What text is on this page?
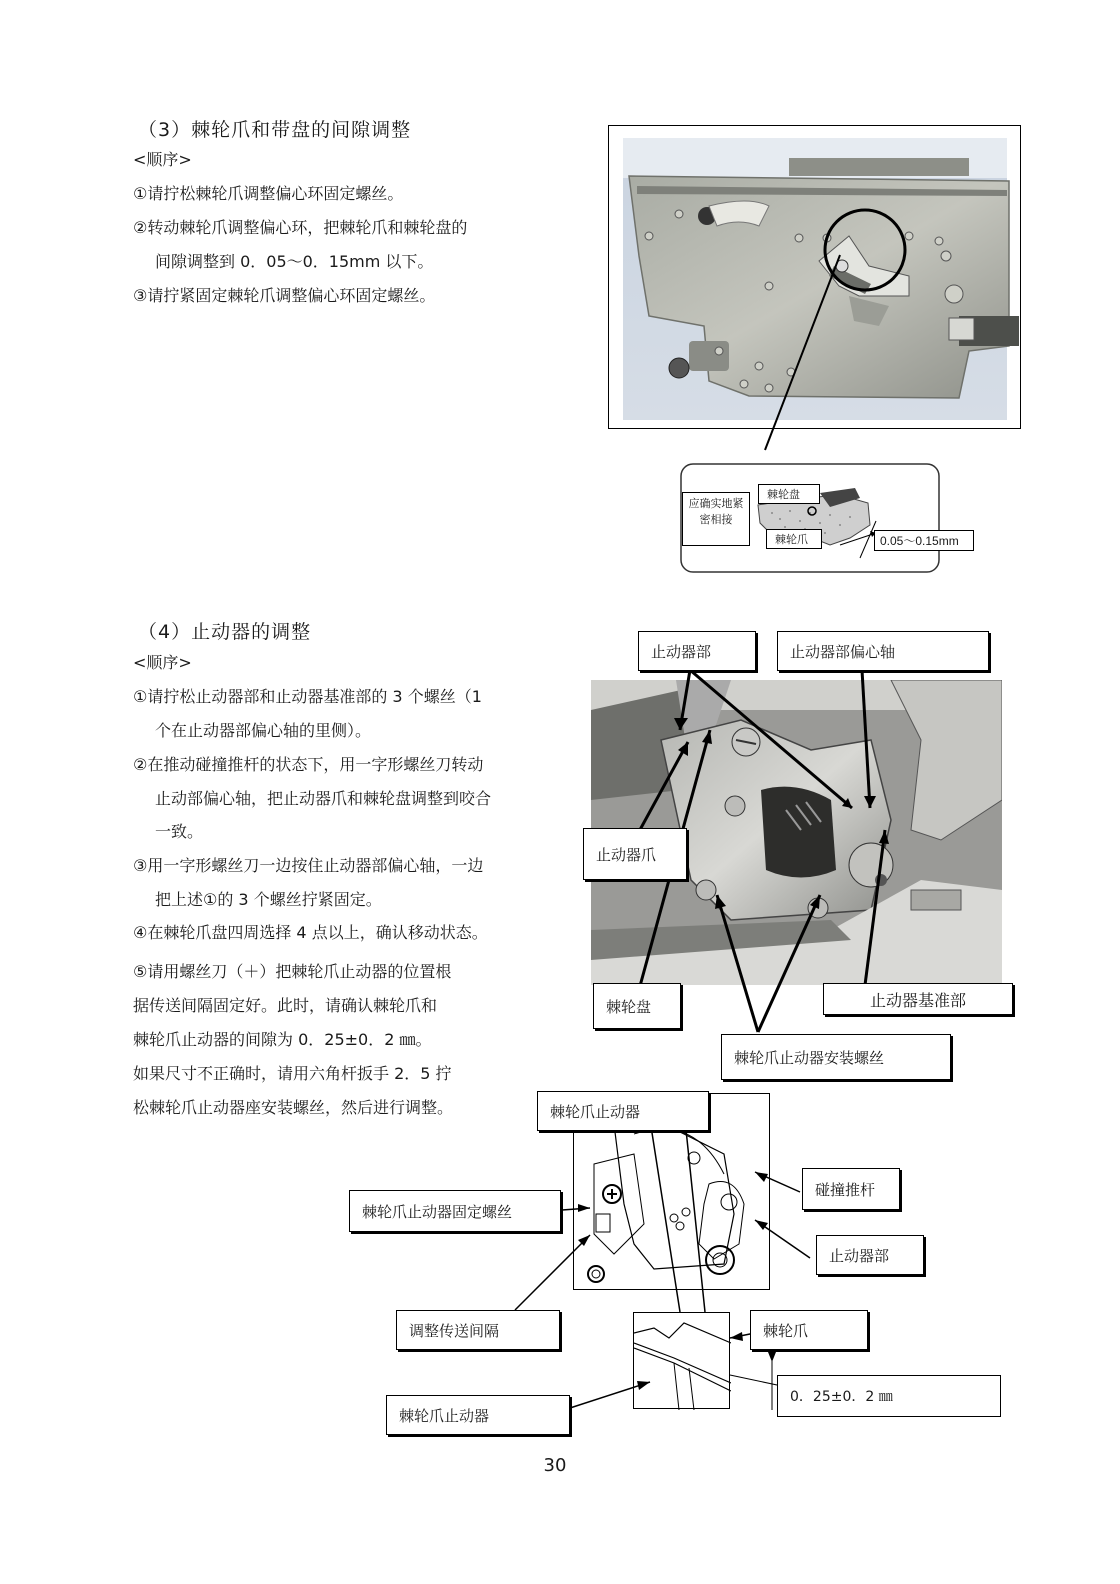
（3）棘轮爪和带盘的间隙调整
<顺序>
①请拧松棘轮爪调整偏心环固定螺丝。
②转动棘轮爪调整偏心环，把棘轮爪和棘轮盘的
间隙调整到 0．05～0．15mm 以下。
③请拧紧固定棘轮爪调整偏心环固定螺丝。
应确实地紧
密相接
棘轮盘
棘轮爪	0.05～0.15mm
（4）止动器的调整
<顺序>
①请拧松止动器部和止动器基准部的 3 个螺丝（1
个在止动器部偏心轴的里侧）。
②在推动碰撞推杆的状态下，用一字形螺丝刀转动
止动部偏心轴，把止动器爪和棘轮盘调整到咬合
一致。
③用一字形螺丝刀一边按住止动器部偏心轴，一边
把上述①的 3 个螺丝拧紧固定。
④在棘轮爪盘四周选择 4 点以上，确认移动状态。
⑤请用螺丝刀（＋）把棘轮爪止动器的位置根
据传送间隔固定好。此时，请确认棘轮爪和
棘轮爪止动器的间隙为 0．25±0．2 ㎜。
如果尺寸不正确时，请用六角杆扳手 2．5 拧
松棘轮爪止动器座安装螺丝，然后进行调整。
止动器部	止动器部偏心轴
止动器爪
棘轮盘	止动器基准部
棘轮爪止动器安装螺丝
棘轮爪止动器
碰撞推杆
棘轮爪止动器固定螺丝
止动器部
调整传送间隔	棘轮爪
0．25±0．2 ㎜
棘轮爪止动器
30
